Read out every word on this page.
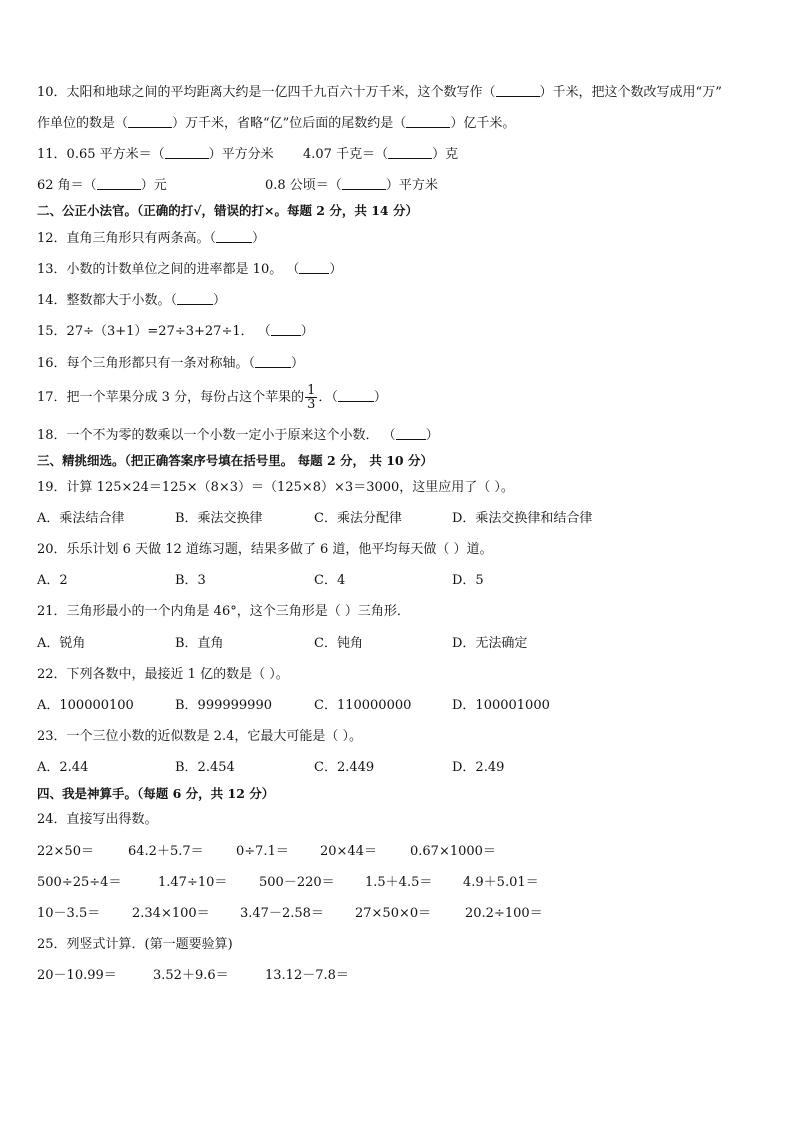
10．太阳和地球之间的平均距离大约是一亿四千九百六十万千米，这个数写作（	）千米，把这个数改写成用“万”
作单位的数是（	）万千米，省略“亿”位后面的尾数约是（	）亿千米。
11．0.65 平方米＝（	）平方分米 4.07 千克＝（	）克
62 角＝（	）元	0.8 公顷＝（	）平方米
二、公正小法官。（正确的打√，错误的打×。每题 2 分，共 14 分）
12．直角三角形只有两条高。（	）
13．小数的计数单位之间的进率都是 10。 （ ）
14．整数都大于小数。（	）
15．27÷（3+1）=27÷3+27÷1． （ ）
16．每个三角形都只有一条对称轴。（	）
17．把一个苹果分成 3 分，每份占这个苹果的 $\frac{1}{3}$ ．（	）
18．一个不为零的数乘以一个小数一定小于原来这个小数． （ ）
三、精挑细选。（把正确答案序号填在括号里。 每题 2 分， 共 10 分）
19．计算 125×24＝125×（8×3）＝（125×8）×3＝3000，这里应用了（ ）。
A．乘法结合律	B．乘法交换律	C．乘法分配律	D．乘法交换律和结合律
20．乐乐计划 6 天做 12 道练习题，结果多做了 6 道，他平均每天做（ ）道。
A．2	B．3	C．4	D．5
21．三角形最小的一个内角是 46°，这个三角形是（ ）三角形．
A．锐角	B．直角	C．钝角	D．无法确定
22．下列各数中，最接近 1 亿的数是（ ）。
A．100000100	B．999999990	C．110000000	D．100001000
23．一个三位小数的近似数是 2.4，它最大可能是（ ）。
A．2.44	B．2.454	C．2.449	D．2.49
四、我是神算手。（每题 6 分，共 12 分）
24．直接写出得数。
22×50＝	64.2＋5.7＝ 0÷7.1＝ 20×44＝	0.67×1000＝
500÷25÷4＝	1.47÷10＝ 500－220＝ 1.5＋4.5＝ 4.9＋5.01＝
10－3.5＝ 2.34×100＝ 3.47－2.58＝ 27×50×0＝	20.2÷100＝
25．列竖式计算．(第一题要验算)
20－10.99＝	3.52＋9.6＝	13.12－7.8＝
